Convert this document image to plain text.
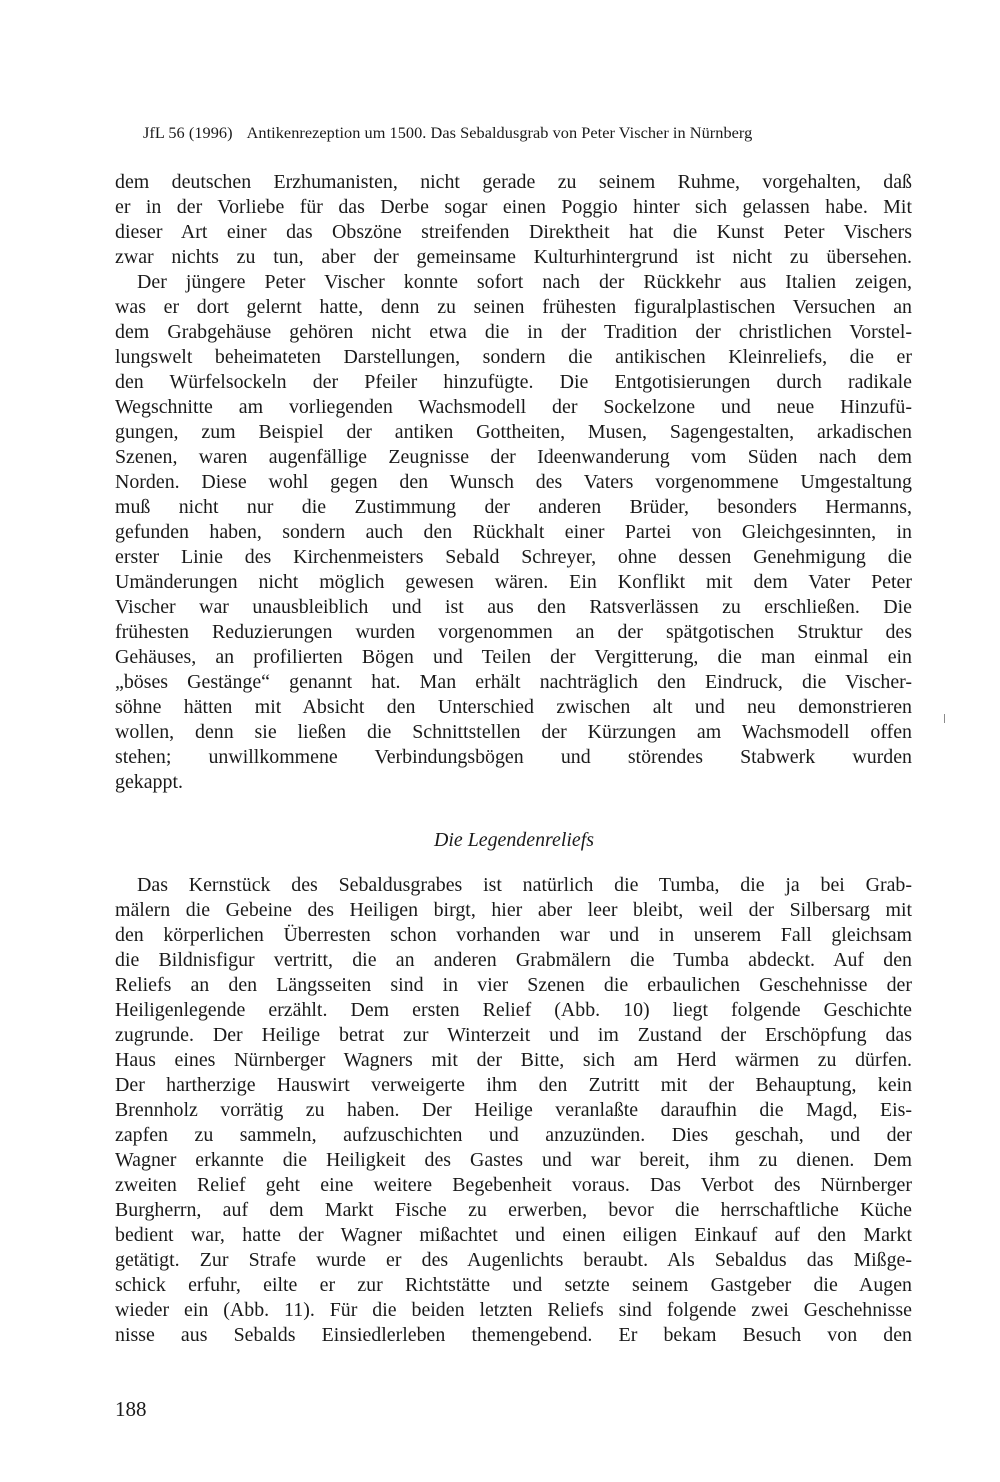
JfL 56 (1996) Antikenrezeption um 1500. Das Sebaldusgrab von Peter Vischer in Nürnberg
dem deutschen Erzhumanisten, nicht gerade zu seinem Ruhme, vorgehalten, daß
er in der Vorliebe für das Derbe sogar einen Poggio hinter sich gelassen habe. Mit
dieser Art einer das Obszöne streifenden Direktheit hat die Kunst Peter Vischers
zwar nichts zu tun, aber der gemeinsame Kulturhintergrund ist nicht zu übersehen.
Der jüngere Peter Vischer konnte sofort nach der Rückkehr aus Italien zeigen,
was er dort gelernt hatte, denn zu seinen frühesten figuralplastischen Versuchen an
dem Grabgehäuse gehören nicht etwa die in der Tradition der christlichen Vorstel-
lungswelt beheimateten Darstellungen, sondern die antikischen Kleinreliefs, die er
den Würfelsockeln der Pfeiler hinzufügte. Die Entgotisierungen durch radikale
Wegschnitte am vorliegenden Wachsmodell der Sockelzone und neue Hinzufü-
gungen, zum Beispiel der antiken Gottheiten, Musen, Sagengestalten, arkadischen
Szenen, waren augenfällige Zeugnisse der Ideenwanderung vom Süden nach dem
Norden. Diese wohl gegen den Wunsch des Vaters vorgenommene Umgestaltung
muß nicht nur die Zustimmung der anderen Brüder, besonders Hermanns,
gefunden haben, sondern auch den Rückhalt einer Partei von Gleichgesinnten, in
erster Linie des Kirchenmeisters Sebald Schreyer, ohne dessen Genehmigung die
Umänderungen nicht möglich gewesen wären. Ein Konflikt mit dem Vater Peter
Vischer war unausbleiblich und ist aus den Ratsverlässen zu erschließen. Die
frühesten Reduzierungen wurden vorgenommen an der spätgotischen Struktur des
Gehäuses, an profilierten Bögen und Teilen der Vergitterung, die man einmal ein
„böses Gestänge“ genannt hat. Man erhält nachträglich den Eindruck, die Vischer-
söhne hätten mit Absicht den Unterschied zwischen alt und neu demonstrieren
wollen, denn sie ließen die Schnittstellen der Kürzungen am Wachsmodell offen
stehen; unwillkommene Verbindungsbögen und störendes Stabwerk wurden
gekappt.
Die Legendenreliefs
Das Kernstück des Sebaldusgrabes ist natürlich die Tumba, die ja bei Grab-
mälern die Gebeine des Heiligen birgt, hier aber leer bleibt, weil der Silbersarg mit
den körperlichen Überresten schon vorhanden war und in unserem Fall gleichsam
die Bildnisfigur vertritt, die an anderen Grabmälern die Tumba abdeckt. Auf den
Reliefs an den Längsseiten sind in vier Szenen die erbaulichen Geschehnisse der
Heiligenlegende erzählt. Dem ersten Relief (Abb. 10) liegt folgende Geschichte
zugrunde. Der Heilige betrat zur Winterzeit und im Zustand der Erschöpfung das
Haus eines Nürnberger Wagners mit der Bitte, sich am Herd wärmen zu dürfen.
Der hartherzige Hauswirt verweigerte ihm den Zutritt mit der Behauptung, kein
Brennholz vorrätig zu haben. Der Heilige veranlaßte daraufhin die Magd, Eis-
zapfen zu sammeln, aufzuschichten und anzuzünden. Dies geschah, und der
Wagner erkannte die Heiligkeit des Gastes und war bereit, ihm zu dienen. Dem
zweiten Relief geht eine weitere Begebenheit voraus. Das Verbot des Nürnberger
Burgherrn, auf dem Markt Fische zu erwerben, bevor die herrschaftliche Küche
bedient war, hatte der Wagner mißachtet und einen eiligen Einkauf auf den Markt
getätigt. Zur Strafe wurde er des Augenlichts beraubt. Als Sebaldus das Mißge-
schick erfuhr, eilte er zur Richtstätte und setzte seinem Gastgeber die Augen
wieder ein (Abb. 11). Für die beiden letzten Reliefs sind folgende zwei Geschehnisse
nisse aus Sebalds Einsiedlerleben themengebend. Er bekam Besuch von den
188
